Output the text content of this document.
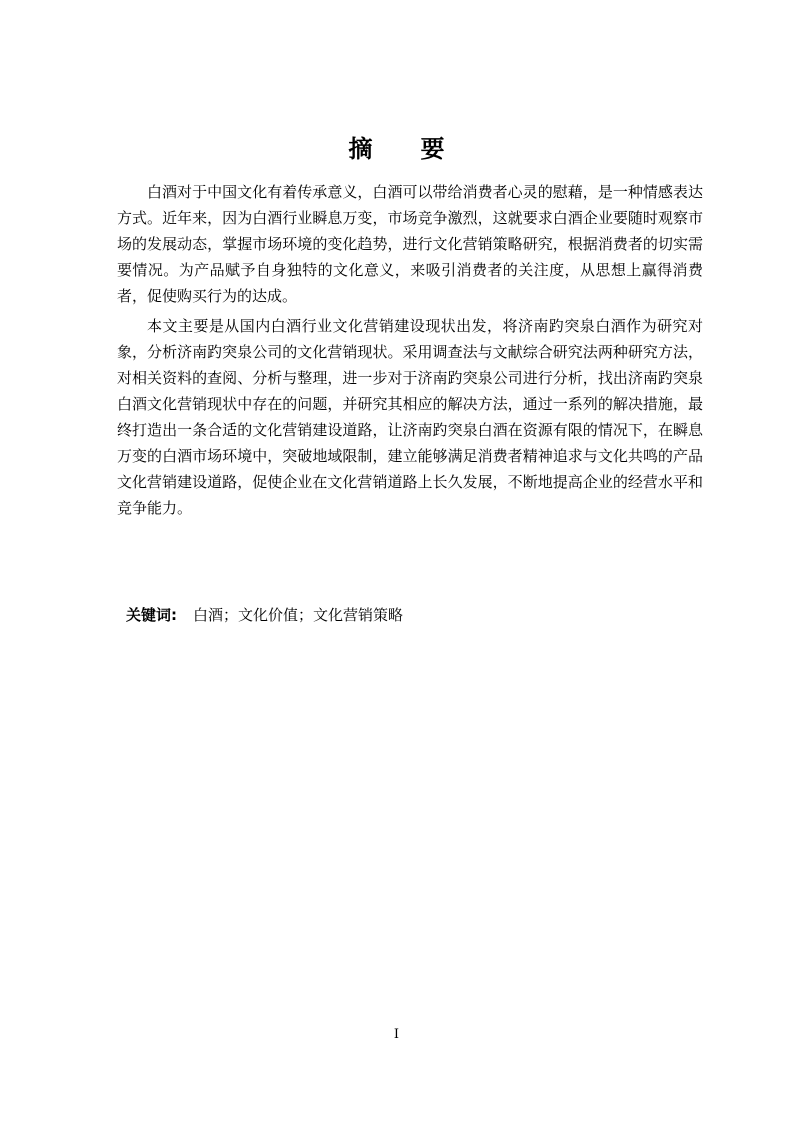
摘 要

白酒对于中国文化有着传承意义，白酒可以带给消费者心灵的慰藉，是一种情感表达方式。近年来，因为白酒行业瞬息万变，市场竞争激烈，这就要求白酒企业要随时观察市场的发展动态，掌握市场环境的变化趋势，进行文化营销策略研究，根据消费者的切实需要情况。为产品赋予自身独特的文化意义，来吸引消费者的关注度，从思想上赢得消费者，促使购买行为的达成。

本文主要是从国内白酒行业文化营销建设现状出发，将济南趵突泉白酒作为研究对象，分析济南趵突泉公司的文化营销现状。采用调查法与文献综合研究法两种研究方法，对相关资料的查阅、分析与整理，进一步对于济南趵突泉公司进行分析，找出济南趵突泉白酒文化营销现状中存在的问题，并研究其相应的解决方法，通过一系列的解决措施，最终打造出一条合适的文化营销建设道路，让济南趵突泉白酒在资源有限的情况下，在瞬息万变的白酒市场环境中，突破地域限制，建立能够满足消费者精神追求与文化共鸣的产品文化营销建设道路，促使企业在文化营销道路上长久发展，不断地提高企业的经营水平和竞争能力。

关键词: 白酒；文化价值；文化营销策略
I
